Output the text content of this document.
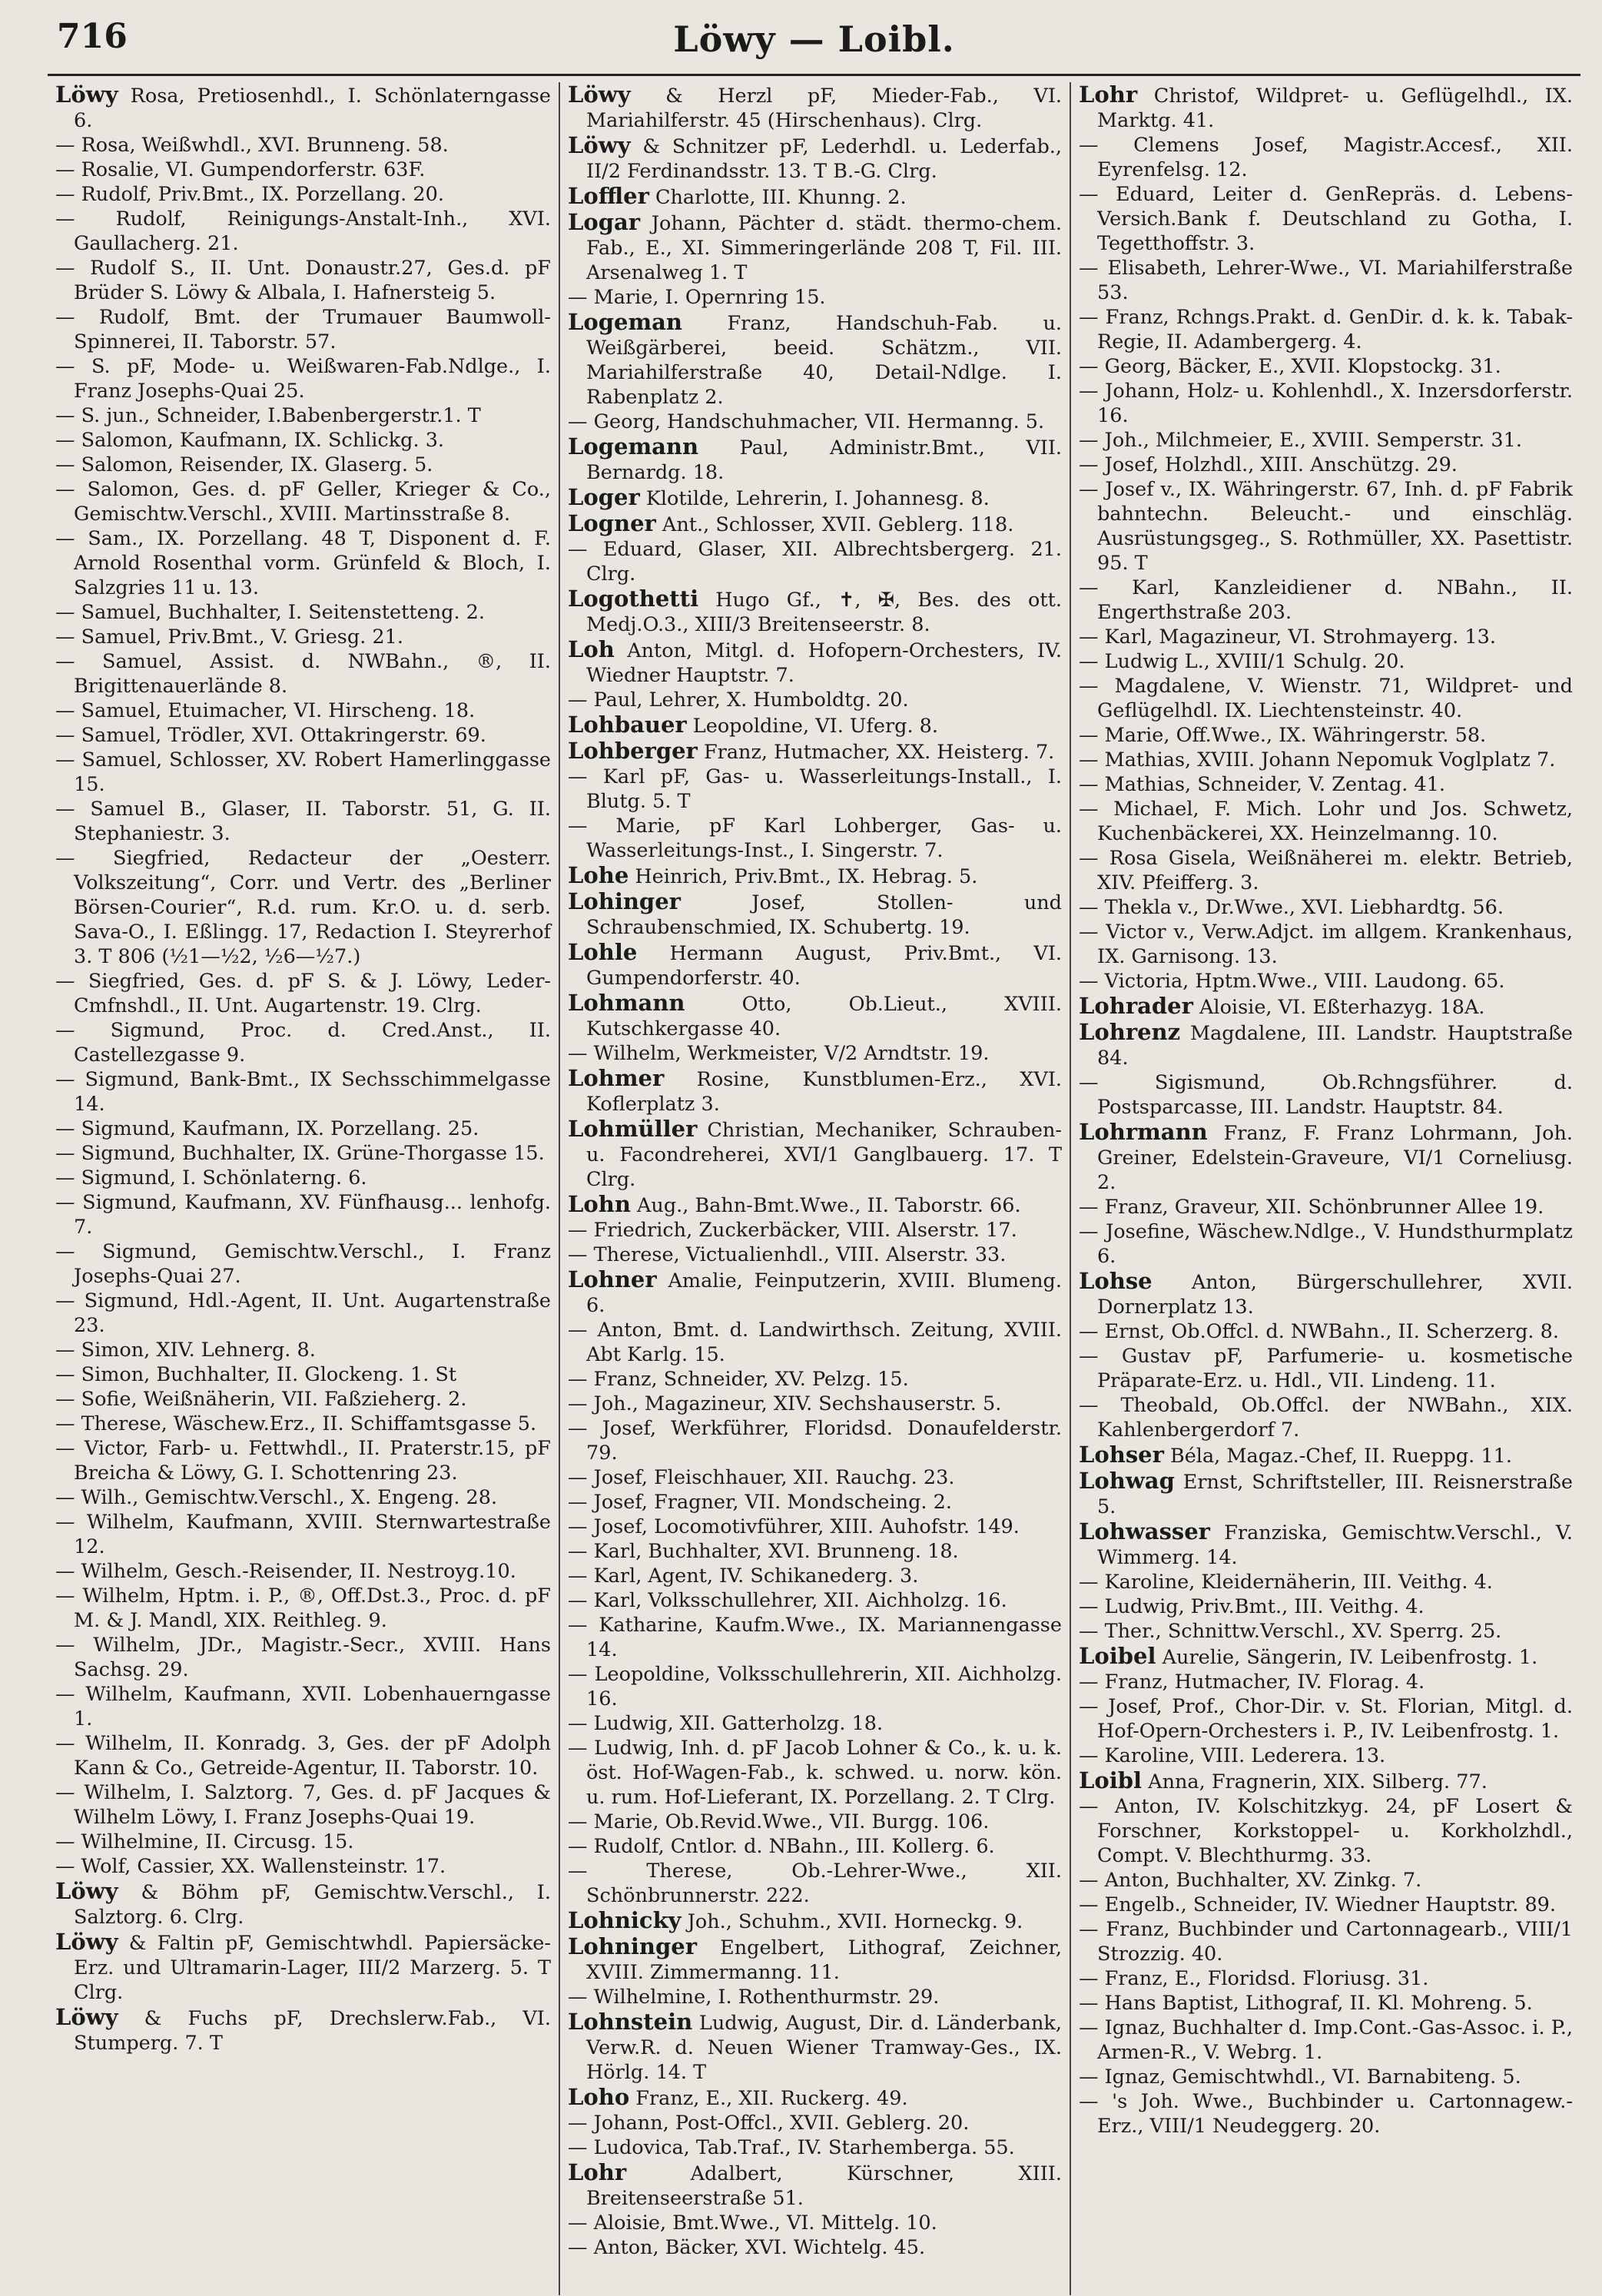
716	Löwy — Loibl.

Löwy Rosa, Pretiosenhdl., I. Schönlaterngasse 6.

— Rosa, Weißwhdl., XVI. Brunneng. 58.

— Rosalie, VI. Gumpendorferstr. 63F.

— Rudolf, Priv.Bmt., IX. Porzellang. 20.

— Rudolf, Reinigungs-Anstalt-Inh., XVI. Gaullacherg. 21.

— Rudolf S., II. Unt. Donaustr.27, Ges.d. pF Brüder S. Löwy & Albala, I. Hafnersteig 5.

— Rudolf, Bmt. der Trumauer Baumwoll-Spinnerei, II. Taborstr. 57.

— S. pF, Mode- u. Weißwaren-Fab.Ndlge., I. Franz Josephs-Quai 25.

— S. jun., Schneider, I.Babenbergerstr.1. T

— Salomon, Kaufmann, IX. Schlickg. 3.

— Salomon, Reisender, IX. Glaserg. 5.

— Salomon, Ges. d. pF Geller, Krieger & Co., Gemischtw.Verschl., XVIII. Martinsstraße 8.

— Sam., IX. Porzellang. 48 T, Disponent d. F. Arnold Rosenthal vorm. Grünfeld & Bloch, I. Salzgries 11 u. 13.

— Samuel, Buchhalter, I. Seitenstetteng. 2.

— Samuel, Priv.Bmt., V. Griesg. 21.

— Samuel, Assist. d. NWBahn., ®, II. Brigittenauerlände 8.

— Samuel, Etuimacher, VI. Hirscheng. 18.

— Samuel, Trödler, XVI. Ottakringerstr. 69.

— Samuel, Schlosser, XV. Robert Hamerlinggasse 15.

— Samuel B., Glaser, II. Taborstr. 51, G. II. Stephaniestr. 3.

— Siegfried, Redacteur der „Oesterr. Volkszeitung“, Corr. und Vertr. des „Berliner Börsen-Courier“, R.d. rum. Kr.O. u. d. serb. Sava-O., I. Eßlingg. 17, Redaction I. Steyrerhof 3. T 806 (½1—½2, ½6—½7.)

— Siegfried, Ges. d. pF S. & J. Löwy, Leder-Cmfnshdl., II. Unt. Augartenstr. 19. Clrg.

— Sigmund, Proc. d. Cred.Anst., II. Castellezgasse 9.

— Sigmund, Bank-Bmt., IX Sechsschimmelgasse 14.

— Sigmund, Kaufmann, IX. Porzellang. 25.

— Sigmund, Buchhalter, IX. Grüne-Thorgasse 15.

— Sigmund, I. Schönlaterng. 6.

— Sigmund, Kaufmann, XV. Fünfhausg... lenhofg. 7.

— Sigmund, Gemischtw.Verschl., I. Franz Josephs-Quai 27.

— Sigmund, Hdl.-Agent, II. Unt. Augartenstraße 23.

— Simon, XIV. Lehnerg. 8.

— Simon, Buchhalter, II. Glockeng. 1. St

— Sofie, Weißnäherin, VII. Faßzieherg. 2.

— Therese, Wäschew.Erz., II. Schiffamtsgasse 5.

— Victor, Farb- u. Fettwhdl., II. Praterstr.15, pF Breicha & Löwy, G. I. Schottenring 23.

— Wilh., Gemischtw.Verschl., X. Engeng. 28.

— Wilhelm, Kaufmann, XVIII. Sternwartestraße 12.

— Wilhelm, Gesch.-Reisender, II. Nestroyg.10.

— Wilhelm, Hptm. i. P., ®, Off.Dst.3., Proc. d. pF M. & J. Mandl, XIX. Reithleg. 9.

— Wilhelm, JDr., Magistr.-Secr., XVIII. Hans Sachsg. 29.

— Wilhelm, Kaufmann, XVII. Lobenhauerngasse 1.

— Wilhelm, II. Konradg. 3, Ges. der pF Adolph Kann & Co., Getreide-Agentur, II. Taborstr. 10.

— Wilhelm, I. Salztorg. 7, Ges. d. pF Jacques & Wilhelm Löwy, I. Franz Josephs-Quai 19.

— Wilhelmine, II. Circusg. 15.

— Wolf, Cassier, XX. Wallensteinstr. 17.

Löwy & Böhm pF, Gemischtw.Verschl., I. Salztorg. 6. Clrg.

Löwy & Faltin pF, Gemischtwhdl. Papiersäcke-Erz. und Ultramarin-Lager, III/2 Marzerg. 5. T Clrg.

Löwy & Fuchs pF, Drechslerw.Fab., VI. Stumperg. 7. T

Löwy & Herzl pF, Mieder-Fab., VI. Mariahilferstr. 45 (Hirschenhaus). Clrg.

Löwy & Schnitzer pF, Lederhdl. u. Lederfab., II/2 Ferdinandsstr. 13. T B.-G. Clrg.

Loffler Charlotte, III. Khunng. 2.

Logar Johann, Pächter d. städt. thermo-chem. Fab., E., XI. Simmeringerlände 208 T, Fil. III. Arsenalweg 1. T

— Marie, I. Opernring 15.

Logeman Franz, Handschuh-Fab. u. Weißgärberei, beeid. Schätzm., VII. Mariahilferstraße 40, Detail-Ndlge. I. Rabenplatz 2.

— Georg, Handschuhmacher, VII. Hermanng. 5.

Logemann Paul, Administr.Bmt., VII. Bernardg. 18.

Loger Klotilde, Lehrerin, I. Johannesg. 8.

Logner Ant., Schlosser, XVII. Geblerg. 118.

— Eduard, Glaser, XII. Albrechtsbergerg. 21. Clrg.

Logothetti Hugo Gf., ✝, ✠, Bes. des ott. Medj.O.3., XIII/3 Breitenseerstr. 8.

Loh Anton, Mitgl. d. Hofopern-Orchesters, IV. Wiedner Hauptstr. 7.

— Paul, Lehrer, X. Humboldtg. 20.

Lohbauer Leopoldine, VI. Uferg. 8.

Lohberger Franz, Hutmacher, XX. Heisterg. 7.

— Karl pF, Gas- u. Wasserleitungs-Install., I. Blutg. 5. T

— Marie, pF Karl Lohberger, Gas- u. Wasserleitungs-Inst., I. Singerstr. 7.

Lohe Heinrich, Priv.Bmt., IX. Hebrag. 5.

Lohinger Josef, Stollen- und Schraubenschmied, IX. Schubertg. 19.

Lohle Hermann August, Priv.Bmt., VI. Gumpendorferstr. 40.

Lohmann Otto, Ob.Lieut., XVIII. Kutschkergasse 40.

— Wilhelm, Werkmeister, V/2 Arndtstr. 19.

Lohmer Rosine, Kunstblumen-Erz., XVI. Koflerplatz 3.

Lohmüller Christian, Mechaniker, Schrauben- u. Facondreherei, XVI/1 Ganglbauerg. 17. T Clrg.

Lohn Aug., Bahn-Bmt.Wwe., II. Taborstr. 66.

— Friedrich, Zuckerbäcker, VIII. Alserstr. 17.

— Therese, Victualienhdl., VIII. Alserstr. 33.

Lohner Amalie, Feinputzerin, XVIII. Blumeng. 6.

— Anton, Bmt. d. Landwirthsch. Zeitung, XVIII. Abt Karlg. 15.

— Franz, Schneider, XV. Pelzg. 15.

— Joh., Magazineur, XIV. Sechshauserstr. 5.

— Josef, Werkführer, Floridsd. Donaufelderstr. 79.

— Josef, Fleischhauer, XII. Rauchg. 23.

— Josef, Fragner, VII. Mondscheing. 2.

— Josef, Locomotivführer, XIII. Auhofstr. 149.

— Karl, Buchhalter, XVI. Brunneng. 18.

— Karl, Agent, IV. Schikanederg. 3.

— Karl, Volksschullehrer, XII. Aichholzg. 16.

— Katharine, Kaufm.Wwe., IX. Mariannengasse 14.

— Leopoldine, Volksschullehrerin, XII. Aichholzg. 16.

— Ludwig, XII. Gatterholzg. 18.

— Ludwig, Inh. d. pF Jacob Lohner & Co., k. u. k. öst. Hof-Wagen-Fab., k. schwed. u. norw. kön. u. rum. Hof-Lieferant, IX. Porzellang. 2. T Clrg.

— Marie, Ob.Revid.Wwe., VII. Burgg. 106.

— Rudolf, Cntlor. d. NBahn., III. Kollerg. 6.

— Therese, Ob.-Lehrer-Wwe., XII. Schönbrunnerstr. 222.

Lohnicky Joh., Schuhm., XVII. Horneckg. 9.

Lohninger Engelbert, Lithograf, Zeichner, XVIII. Zimmermanng. 11.

— Wilhelmine, I. Rothenthurmstr. 29.

Lohnstein Ludwig, August, Dir. d. Länderbank, Verw.R. d. Neuen Wiener Tramway-Ges., IX. Hörlg. 14. T

Loho Franz, E., XII. Ruckerg. 49.

— Johann, Post-Offcl., XVII. Geblerg. 20.

— Ludovica, Tab.Traf., IV. Starhemberga. 55.

Lohr Adalbert, Kürschner, XIII. Breitenseerstraße 51.

— Aloisie, Bmt.Wwe., VI. Mittelg. 10.

— Anton, Bäcker, XVI. Wichtelg. 45.

Lohr Christof, Wildpret- u. Geflügelhdl., IX. Marktg. 41.

— Clemens Josef, Magistr.Accesf., XII. Eyrenfelsg. 12.

— Eduard, Leiter d. GenRepräs. d. Lebens-Versich.Bank f. Deutschland zu Gotha, I. Tegetthoffstr. 3.

— Elisabeth, Lehrer-Wwe., VI. Mariahilferstraße 53.

— Franz, Rchngs.Prakt. d. GenDir. d. k. k. Tabak-Regie, II. Adambergerg. 4.

— Georg, Bäcker, E., XVII. Klopstockg. 31.

— Johann, Holz- u. Kohlenhdl., X. Inzersdorferstr. 16.

— Joh., Milchmeier, E., XVIII. Semperstr. 31.

— Josef, Holzhdl., XIII. Anschützg. 29.

— Josef v., IX. Währingerstr. 67, Inh. d. pF Fabrik bahntechn. Beleucht.- und einschläg. Ausrüstungsgeg., S. Rothmüller, XX. Pasettistr. 95. T

— Karl, Kanzleidiener d. NBahn., II. Engerthstraße 203.

— Karl, Magazineur, VI. Strohmayerg. 13.

— Ludwig L., XVIII/1 Schulg. 20.

— Magdalene, V. Wienstr. 71, Wildpret- und Geflügelhdl. IX. Liechtensteinstr. 40.

— Marie, Off.Wwe., IX. Währingerstr. 58.

— Mathias, XVIII. Johann Nepomuk Voglplatz 7.

— Mathias, Schneider, V. Zentag. 41.

— Michael, F. Mich. Lohr und Jos. Schwetz, Kuchenbäckerei, XX. Heinzelmanng. 10.

— Rosa Gisela, Weißnäherei m. elektr. Betrieb, XIV. Pfeifferg. 3.

— Thekla v., Dr.Wwe., XVI. Liebhardtg. 56.

— Victor v., Verw.Adjct. im allgem. Krankenhaus, IX. Garnisong. 13.

— Victoria, Hptm.Wwe., VIII. Laudong. 65.

Lohrader Aloisie, VI. Eßterhazyg. 18A.

Lohrenz Magdalene, III. Landstr. Hauptstraße 84.

— Sigismund, Ob.Rchngsführer. d. Postsparcasse, III. Landstr. Hauptstr. 84.

Lohrmann Franz, F. Franz Lohrmann, Joh. Greiner, Edelstein-Graveure, VI/1 Corneliusg. 2.

— Franz, Graveur, XII. Schönbrunner Allee 19.

— Josefine, Wäschew.Ndlge., V. Hundsthurmplatz 6.

Lohse Anton, Bürgerschullehrer, XVII. Dornerplatz 13.

— Ernst, Ob.Offcl. d. NWBahn., II. Scherzerg. 8.

— Gustav pF, Parfumerie- u. kosmetische Präparate-Erz. u. Hdl., VII. Lindeng. 11.

— Theobald, Ob.Offcl. der NWBahn., XIX. Kahlenbergerdorf 7.

Lohser Béla, Magaz.-Chef, II. Rueppg. 11.

Lohwag Ernst, Schriftsteller, III. Reisnerstraße 5.

Lohwasser Franziska, Gemischtw.Verschl., V. Wimmerg. 14.

— Karoline, Kleidernäherin, III. Veithg. 4.

— Ludwig, Priv.Bmt., III. Veithg. 4.

— Ther., Schnittw.Verschl., XV. Sperrg. 25.

Loibel Aurelie, Sängerin, IV. Leibenfrostg. 1.

— Franz, Hutmacher, IV. Florag. 4.

— Josef, Prof., Chor-Dir. v. St. Florian, Mitgl. d. Hof-Opern-Orchesters i. P., IV. Leibenfrostg. 1.

— Karoline, VIII. Lederera. 13.

Loibl Anna, Fragnerin, XIX. Silberg. 77.

— Anton, IV. Kolschitzkyg. 24, pF Losert & Forschner, Korkstoppel- u. Korkholzhdl., Compt. V. Blechthurmg. 33.

— Anton, Buchhalter, XV. Zinkg. 7.

— Engelb., Schneider, IV. Wiedner Hauptstr. 89.

— Franz, Buchbinder und Cartonnagearb., VIII/1 Strozzig. 40.

— Franz, E., Floridsd. Floriusg. 31.

— Hans Baptist, Lithograf, II. Kl. Mohreng. 5.

— Ignaz, Buchhalter d. Imp.Cont.-Gas-Assoc. i. P., Armen-R., V. Webrg. 1.

— Ignaz, Gemischtwhdl., VI. Barnabiteng. 5.

— 's Joh. Wwe., Buchbinder u. Cartonnagew.-Erz., VIII/1 Neudeggerg. 20.
